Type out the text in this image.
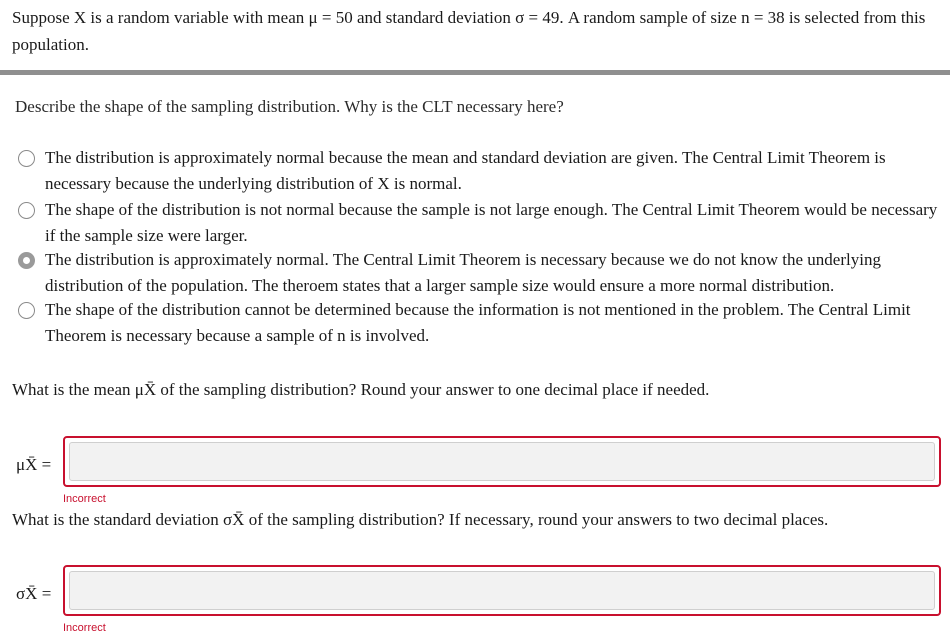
Suppose X is a random variable with mean μ = 50 and standard deviation σ = 49. A random sample of size n = 38 is selected from this population.
Describe the shape of the sampling distribution. Why is the CLT necessary here?
The distribution is approximately normal because the mean and standard deviation are given. The Central Limit Theorem is necessary because the underlying distribution of X is normal.
The shape of the distribution is not normal because the sample is not large enough. The Central Limit Theorem would be necessary if the sample size were larger.
The distribution is approximately normal. The Central Limit Theorem is necessary because we do not know the underlying distribution of the population. The theroem states that a larger sample size would ensure a more normal distribution.
The shape of the distribution cannot be determined because the information is not mentioned in the problem. The Central Limit Theorem is necessary because a sample of n is involved.
What is the mean μX̄ of the sampling distribution? Round your answer to one decimal place if needed.
μX̄ =
Incorrect
What is the standard deviation σX̄ of the sampling distribution? If necessary, round your answers to two decimal places.
σX̄ =
Incorrect
